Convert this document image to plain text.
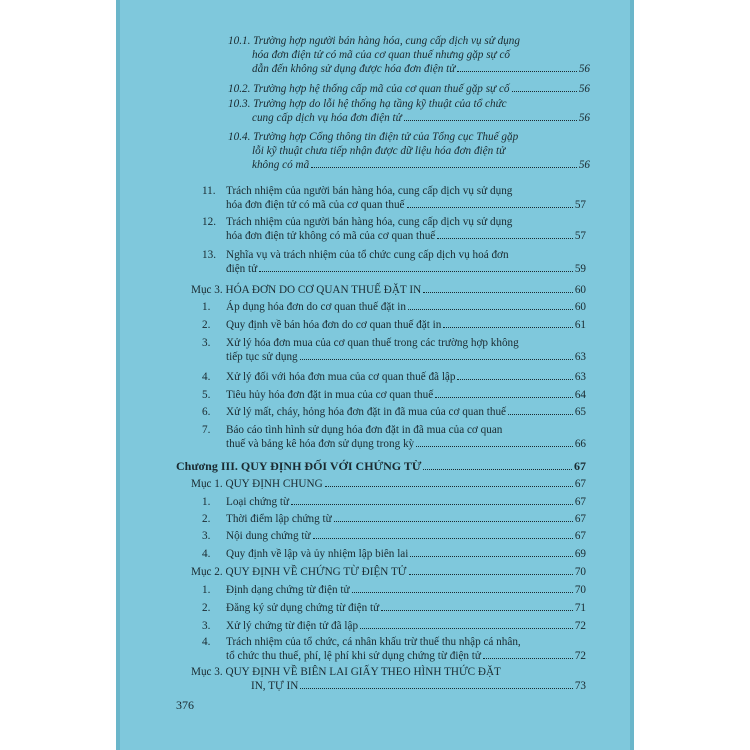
10.1. Trường hợp người bán hàng hóa, cung cấp dịch vụ sử dụng
hóa đơn điện tử có mã của cơ quan thuế nhưng gặp sự cố
dẫn đến không sử dụng được hóa đơn điện tử	56
10.2. Trường hợp hệ thống cấp mã của cơ quan thuế gặp sự cố	56
10.3. Trường hợp do lỗi hệ thống hạ tầng kỹ thuật của tổ chức
cung cấp dịch vụ hóa đơn điện tử	56
10.4. Trường hợp Cổng thông tin điện tử của Tổng cục Thuế gặp
lỗi kỹ thuật chưa tiếp nhận được dữ liệu hóa đơn điện tử
không có mã	56
11. Trách nhiệm của người bán hàng hóa, cung cấp dịch vụ sử dụng
hóa đơn điện tử có mã của cơ quan thuế	57
12. Trách nhiệm của người bán hàng hóa, cung cấp dịch vụ sử dụng
hóa đơn điện tử không có mã của cơ quan thuế	57
13. Nghĩa vụ và trách nhiệm của tổ chức cung cấp dịch vụ hoá đơn
điện tử	59
Mục 3. HÓA ĐƠN DO CƠ QUAN THUẾ ĐẶT IN	60
1.	Áp dụng hóa đơn do cơ quan thuế đặt in	60
2.	Quy định về bán hóa đơn do cơ quan thuế đặt in	61
3.	Xử lý hóa đơn mua của cơ quan thuế trong các trường hợp không
tiếp tục sử dụng	63
4.	Xử lý đối với hóa đơn mua của cơ quan thuế đã lập	63
5.	Tiêu hủy hóa đơn đặt in mua của cơ quan thuế	64
6.	Xử lý mất, cháy, hỏng hóa đơn đặt in đã mua của cơ quan thuế	65
7.	Báo cáo tình hình sử dụng hóa đơn đặt in đã mua của cơ quan
thuế và bảng kê hóa đơn sử dụng trong kỳ	66
Chương III. QUY ĐỊNH ĐỐI VỚI CHỨNG TỪ	67
Mục 1. QUY ĐỊNH CHUNG	67
1.	Loại chứng từ	67
2.	Thời điểm lập chứng từ	67
3.	Nội dung chứng từ	67
4.	Quy định về lập và ủy nhiệm lập biên lai	69
Mục 2. QUY ĐỊNH VỀ CHỨNG TỪ ĐIỆN TỬ	70
1.	Định dạng chứng từ điện tử	70
2.	Đăng ký sử dụng chứng từ điện tử	71
3.	Xử lý chứng từ điện tử đã lập	72
4.	Trách nhiệm của tổ chức, cá nhân khấu trừ thuế thu nhập cá nhân,
tổ chức thu thuế, phí, lệ phí khi sử dụng chứng từ điện tử	72
Mục 3. QUY ĐỊNH VỀ BIÊN LAI GIẤY THEO HÌNH THỨC ĐẶT
IN, TỰ IN	73
376
